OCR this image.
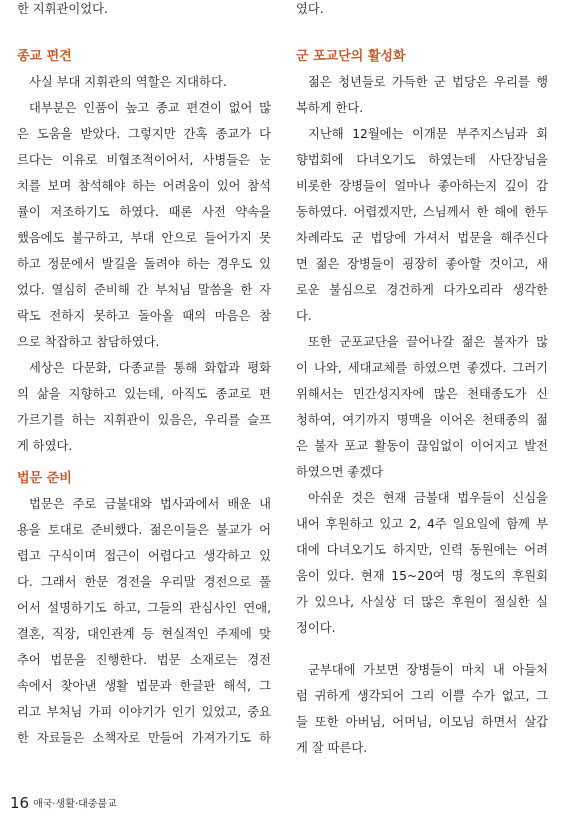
한 지휘관이었다.
종교 편견
사실 부대 지휘관의 역할은 지대하다.
대부분은 인품이 높고 종교 편견이 없어 많
은 도움을 받았다. 그렇지만 간혹 종교가 다
르다는 이유로 비협조적이어서, 사병들은 눈
치를 보며 참석해야 하는 어려움이 있어 참석
률이 저조하기도 하였다. 때론 사전 약속을
했음에도 불구하고, 부대 안으로 들어가지 못
하고 정문에서 발길을 돌려야 하는 경우도 있
었다. 열심히 준비해 간 부처님 말씀을 한 자
락도 전하지 못하고 돌아올 때의 마음은 참
으로 착잡하고 참담하였다.
세상은 다문화, 다종교를 통해 화합과 평화
의 삶을 지향하고 있는데, 아직도 종교로 편
가르기를 하는 지휘관이 있음은, 우리를 슬프
게 하였다.
법문 준비
법문은 주로 금불대와 법사과에서 배운 내
용을 토대로 준비했다. 젊은이들은 불교가 어
렵고 구식이며 접근이 어렵다고 생각하고 있
다. 그래서 한문 경전을 우리말 경전으로 풀
어서 설명하기도 하고, 그들의 관심사인 연애,
결혼, 직장, 대인관계 등 현실적인 주제에 맞
추어 법문을 진행한다. 법문 소재로는 경전
속에서 찾아낸 생활 법문과 한글판 해석, 그
리고 부처님 가피 이야기가 인기 있었고, 중요
한 자료들은 소책자로 만들어 가져가기도 하
였다.
군 포교단의 활성화
젊은 청년들로 가득한 군 법당은 우리를 행
복하게 한다.
지난해 12월에는 이개문 부주지스님과 회
향법회에 다녀오기도 하였는데 사단장님을
비롯한 장병들이 얼마나 좋아하는지 깊이 감
동하였다. 어렵겠지만, 스님께서 한 해에 한두
차례라도 군 법당에 가셔서 법문을 해주신다
면 젊은 장병들이 굉장히 좋아할 것이고, 새
로운 불심으로 경건하게 다가오리라 생각한
다.
또한 군포교단을 끌어나갈 젊은 불자가 많
이 나와, 세대교체를 하였으면 좋겠다. 그러기
위해서는 민간성지자에 많은 천태종도가 신
청하여, 여기까지 명맥을 이어온 천태종의 젊
은 불자 포교 활동이 끊임없이 이어지고 발전
하였으면 좋겠다
아쉬운 것은 현재 금불대 법우들이 신심을
내어 후원하고 있고 2, 4주 일요일에 함께 부
대에 다녀오기도 하지만, 인력 동원에는 어려
움이 있다. 현재 15~20여 명 정도의 후원회
가 있으나, 사실상 더 많은 후원이 절실한 실
정이다.
군부대에 가보면 장병들이 마치 내 아들처
럼 귀하게 생각되어 그리 이쁠 수가 없고, 그
들 또한 아버님, 어머님, 이모님 하면서 살갑
게 잘 따른다.
16 애국·생활·대중불교
